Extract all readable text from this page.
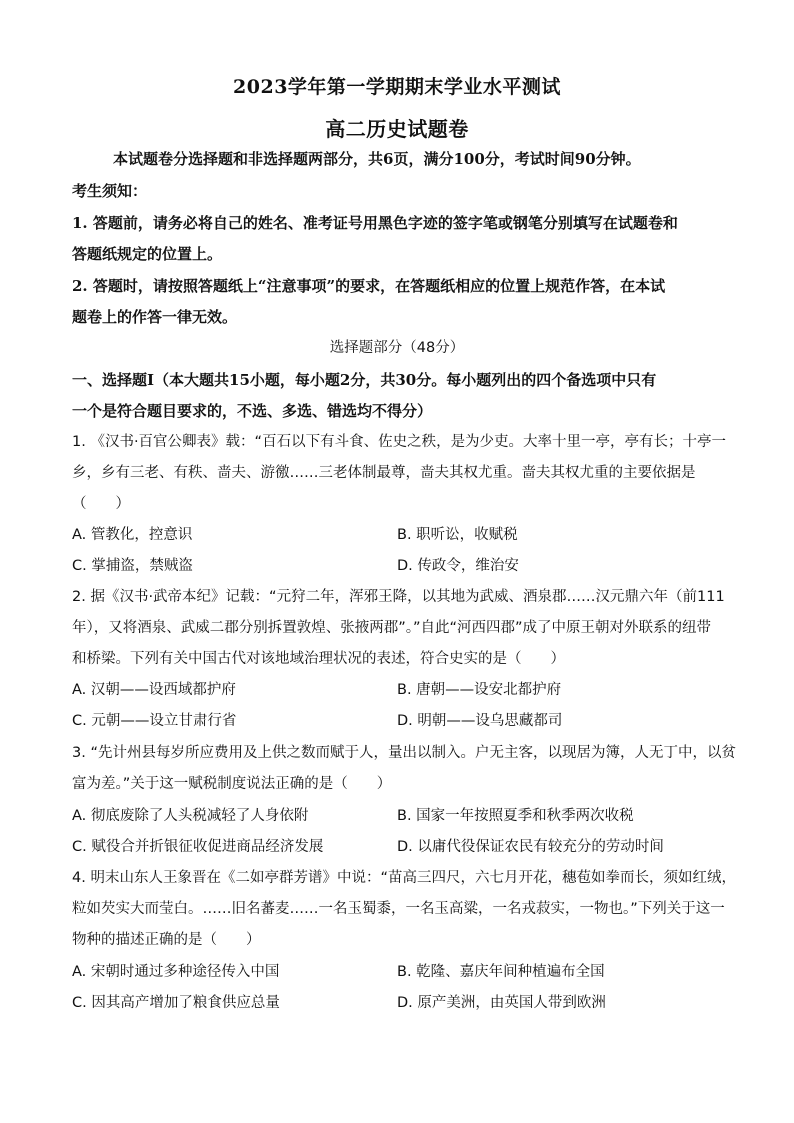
2023学年第一学期期末学业水平测试
高二历史试题卷
本试题卷分选择题和非选择题两部分，共6页，满分100分，考试时间90分钟。
考生须知：
1. 答题前，请务必将自己的姓名、准考证号用黑色字迹的签字笔或钢笔分别填写在试题卷和
答题纸规定的位置上。
2. 答题时，请按照答题纸上“注意事项”的要求，在答题纸相应的位置上规范作答，在本试
题卷上的作答一律无效。
选择题部分（48分）
一、选择题Ⅰ（本大题共15小题，每小题2分，共30分。每小题列出的四个备选项中只有
一个是符合题目要求的，不选、多选、错选均不得分）
1. 《汉书·百官公卿表》载：“百石以下有斗食、佐史之秩，是为少吏。大率十里一亭，亭有长；十亭一
乡，乡有三老、有秩、啬夫、游徼……三老体制最尊，啬夫其权尤重。啬夫其权尤重的主要依据是
（　　）
A. 管教化，控意识	B. 职听讼，收赋税
C. 掌捕盗，禁贼盗	D. 传政令，维治安
2. 据《汉书·武帝本纪》记载：“元狩二年，浑邪王降，以其地为武威、酒泉郡……汉元鼎六年（前111
年），又将酒泉、武威二郡分别拆置敦煌、张掖两郡”。”自此“河西四郡”成了中原王朝对外联系的纽带
和桥梁。下列有关中国古代对该地域治理状况的表述，符合史实的是（　　）
A. 汉朝——设西域都护府	B. 唐朝——设安北都护府
C. 元朝——设立甘肃行省	D. 明朝——设乌思藏都司
3. “先计州县每岁所应费用及上供之数而赋于人，量出以制入。户无主客，以现居为簿，人无丁中，以贫
富为差。”关于这一赋税制度说法正确的是（　　）
A. 彻底废除了人头税减轻了人身依附	B. 国家一年按照夏季和秋季两次收税
C. 赋役合并折银征收促进商品经济发展	D. 以庸代役保证农民有较充分的劳动时间
4. 明末山东人王象晋在《二如亭群芳谱》中说：“苗高三四尺，六七月开花，穗苞如拳而长，须如红绒，
粒如芡实大而莹白。……旧名蕃麦……一名玉蜀黍，一名玉高粱，一名戎菽实，一物也。”下列关于这一
物种的描述正确的是（　　）
A. 宋朝时通过多种途径传入中国	B. 乾隆、嘉庆年间种植遍布全国
C. 因其高产增加了粮食供应总量	D. 原产美洲，由英国人带到欧洲
